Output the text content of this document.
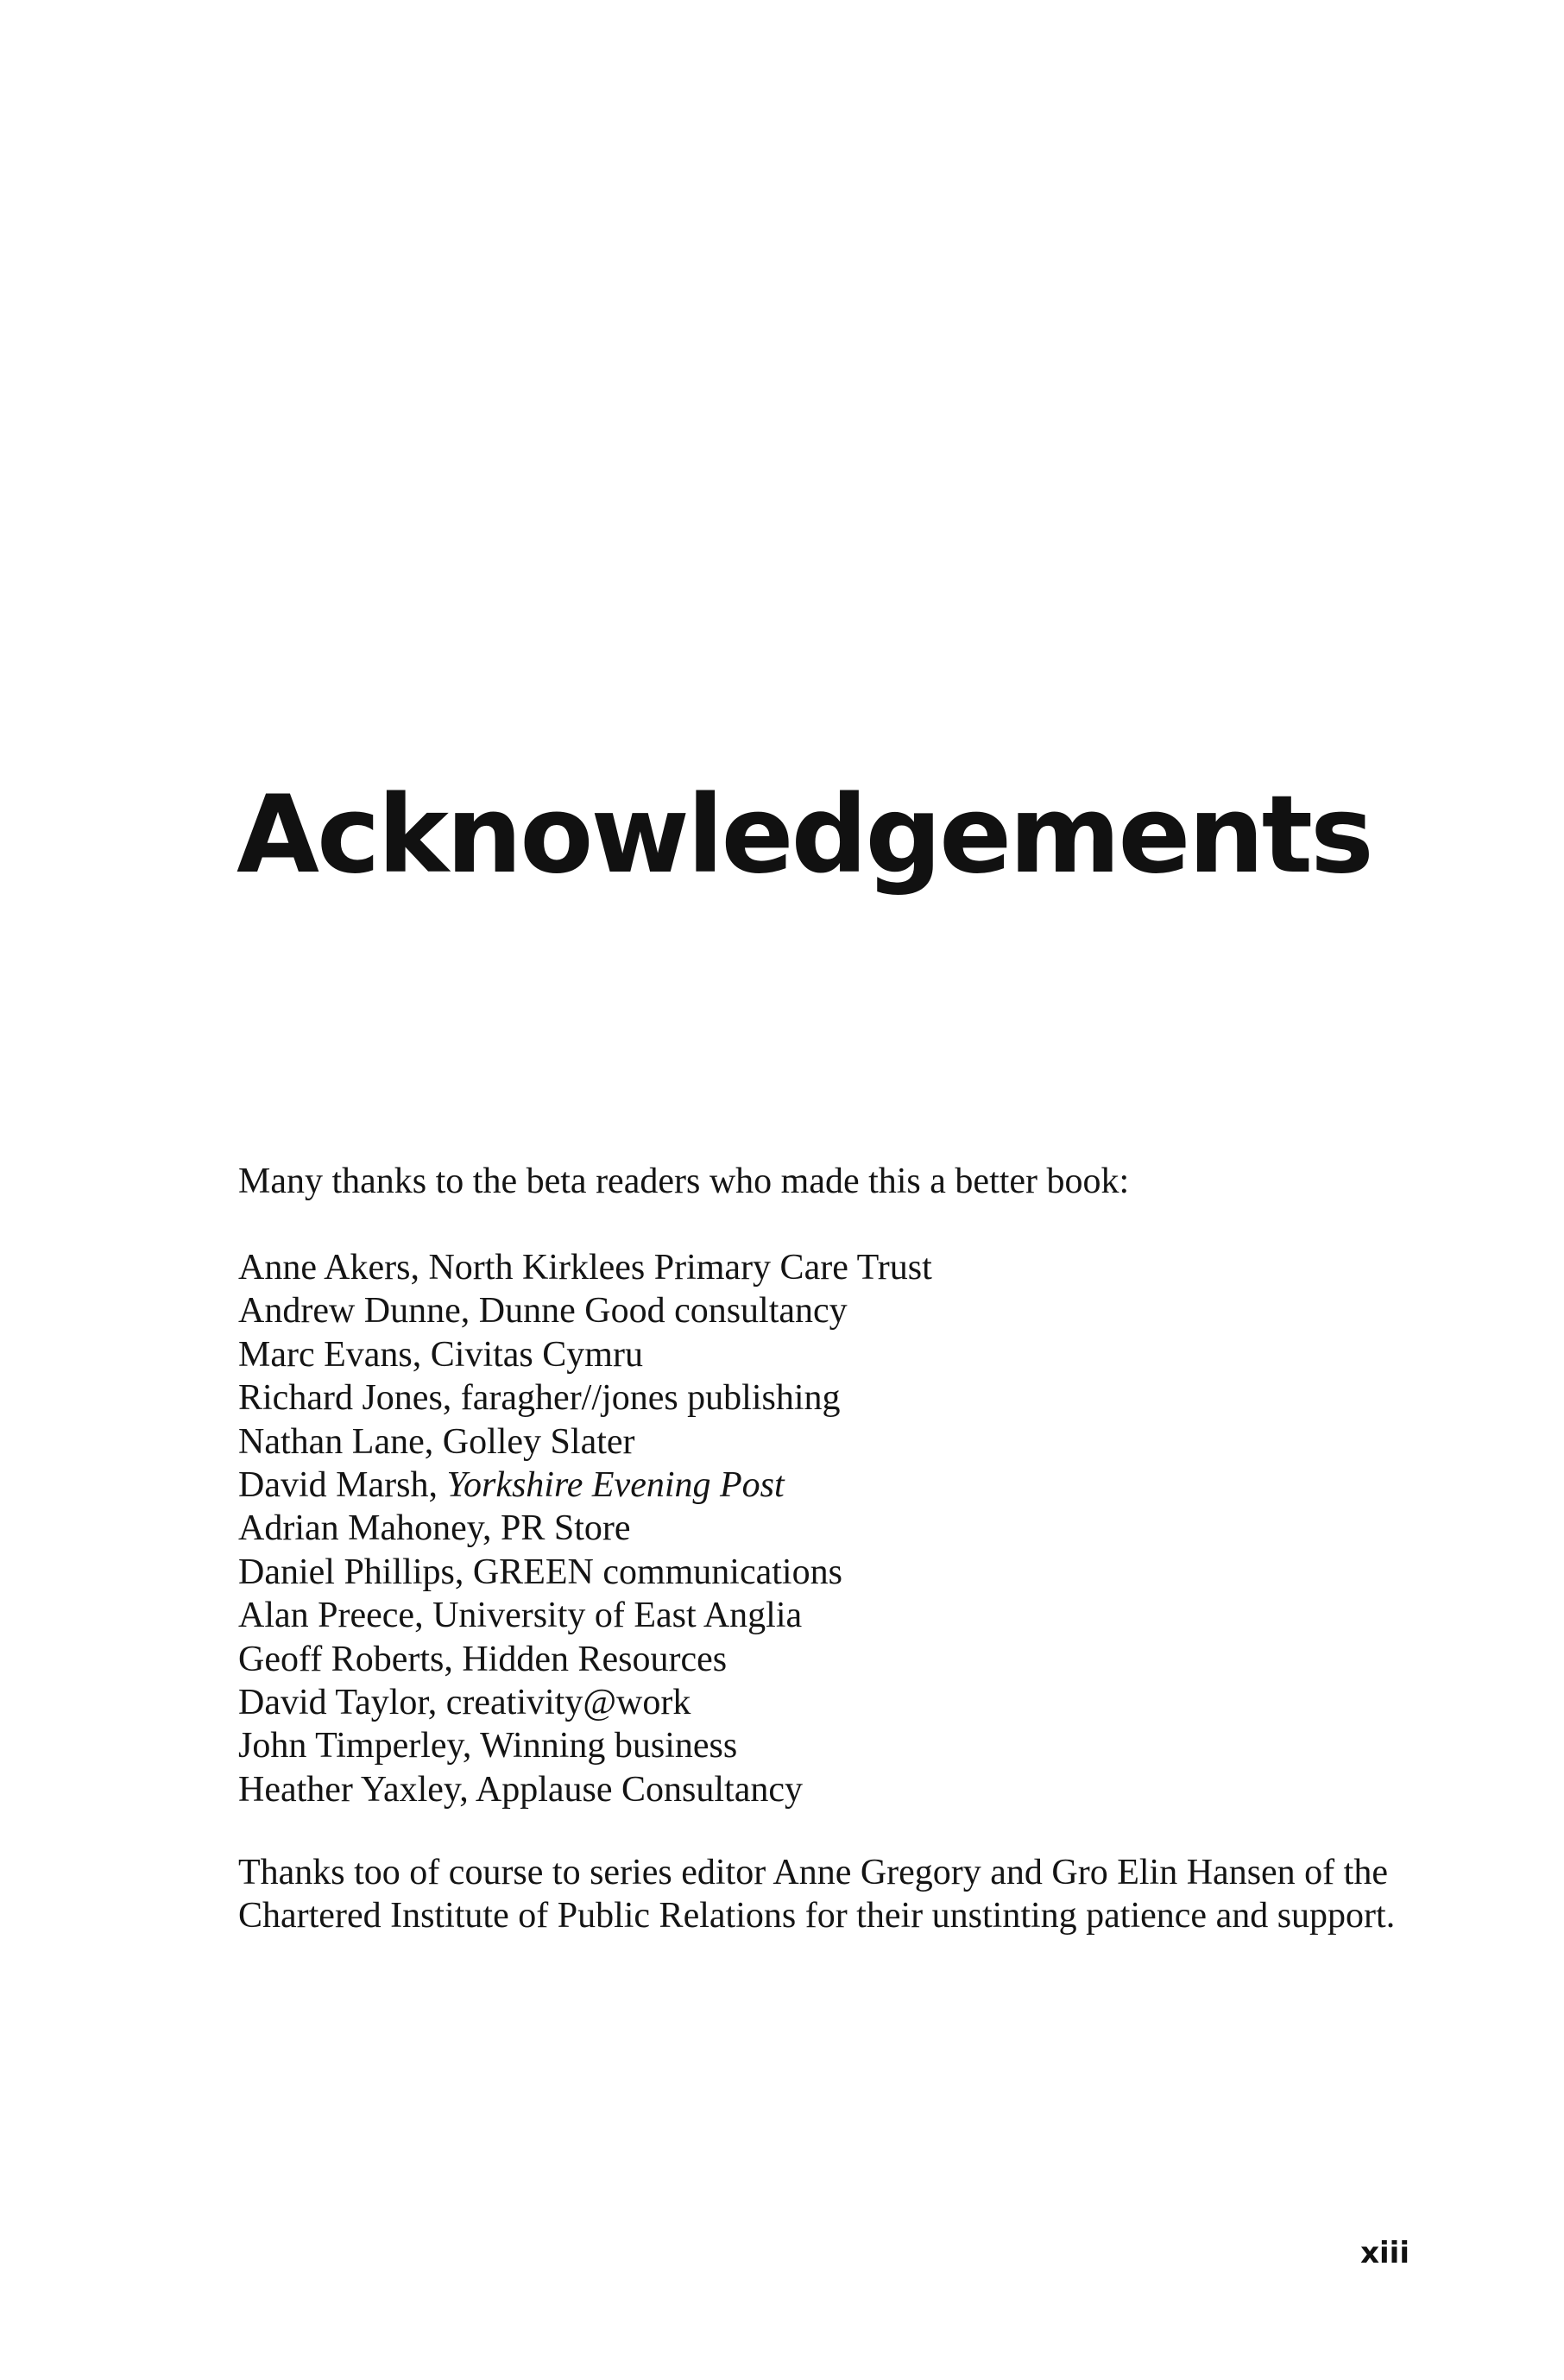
Acknowledgements

Many thanks to the beta readers who made this a better book:

Anne Akers, North Kirklees Primary Care Trust
Andrew Dunne, Dunne Good consultancy
Marc Evans, Civitas Cymru
Richard Jones, faragher//jones publishing
Nathan Lane, Golley Slater
David Marsh, Yorkshire Evening Post
Adrian Mahoney, PR Store
Daniel Phillips, GREEN communications
Alan Preece, University of East Anglia
Geoff Roberts, Hidden Resources
David Taylor, creativity@work
John Timperley, Winning business
Heather Yaxley, Applause Consultancy

Thanks too of course to series editor Anne Gregory and Gro Elin Hansen of the Chartered Institute of Public Relations for their unstinting patience and support.

xiii
